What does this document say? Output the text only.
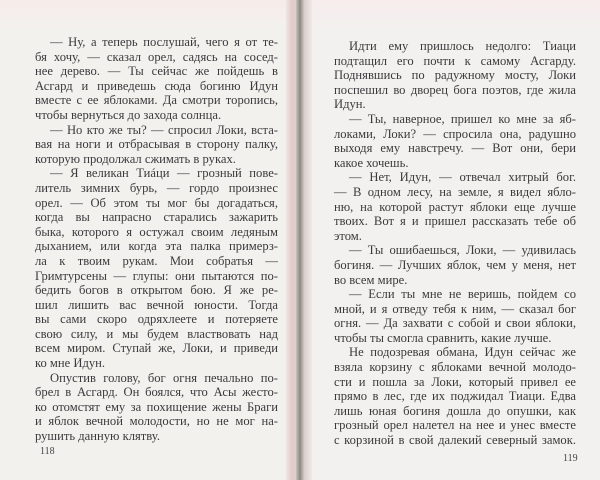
— Ну, а теперь послушай, чего я от те-
бя хочу, — сказал орел, садясь на сосед-
нее дерево. — Ты сейчас же пойдешь в
Асгард и приведешь сюда богиню Идун
вместе с ее яблоками. Да смотри торопись,
чтобы вернуться до захода солнца.
— Но кто же ты? — спросил Локи, вста-
вая на ноги и отбрасывая в сторону палку,
которую продолжал сжимать в руках.
— Я великан Тиáци — грозный пове-
литель зимних бурь, — гордо произнес
орел. — Об этом ты мог бы догадаться,
когда вы напрасно старались зажарить
быка, которого я остужал своим ледяным
дыханием, или когда эта палка примерз-
ла к твоим рукам. Мои собратья —
Гримтурсены — глупы: они пытаются по-
бедить богов в открытом бою. Я же ре-
шил лишить вас вечной юности. Тогда
вы сами скоро одряхлеете и потеряете
свою силу, и мы будем властвовать над
всем миром. Ступай же, Локи, и приведи
ко мне Идун.
Опустив голову, бог огня печально по-
брел в Асгард. Он боялся, что Асы жесто-
ко отомстят ему за похищение жены Браги
и яблок вечной молодости, но не мог на-
рушить данную клятву.
Идти ему пришлось недолго: Тиаци
подтащил его почти к самому Асгарду.
Поднявшись по радужному мосту, Локи
поспешил во дворец бога поэтов, где жила
Идун.
— Ты, наверное, пришел ко мне за яб-
локами, Локи? — спросила она, радушно
выходя ему навстречу. — Вот они, бери
какое хочешь.
— Нет, Идун, — отвечал хитрый бог.
— В одном лесу, на земле, я видел ябло-
ню, на которой растут яблоки еще лучше
твоих. Вот я и пришел рассказать тебе об
этом.
— Ты ошибаешься, Локи, — удивилась
богиня. — Лучших яблок, чем у меня, нет
во всем мире.
— Если ты мне не веришь, пойдем со
мной, и я отведу тебя к ним, — сказал бог
огня. — Да захвати с собой и свои яблоки,
чтобы ты смогла сравнить, какие лучше.
Не подозревая обмана, Идун сейчас же
взяла корзину с яблоками вечной молодо-
сти и пошла за Локи, который привел ее
прямо в лес, где их поджидал Тиаци. Едва
лишь юная богиня дошла до опушки, как
грозный орел налетел на нее и унес вместе
с корзиной в свой далекий северный замок.
118
119
